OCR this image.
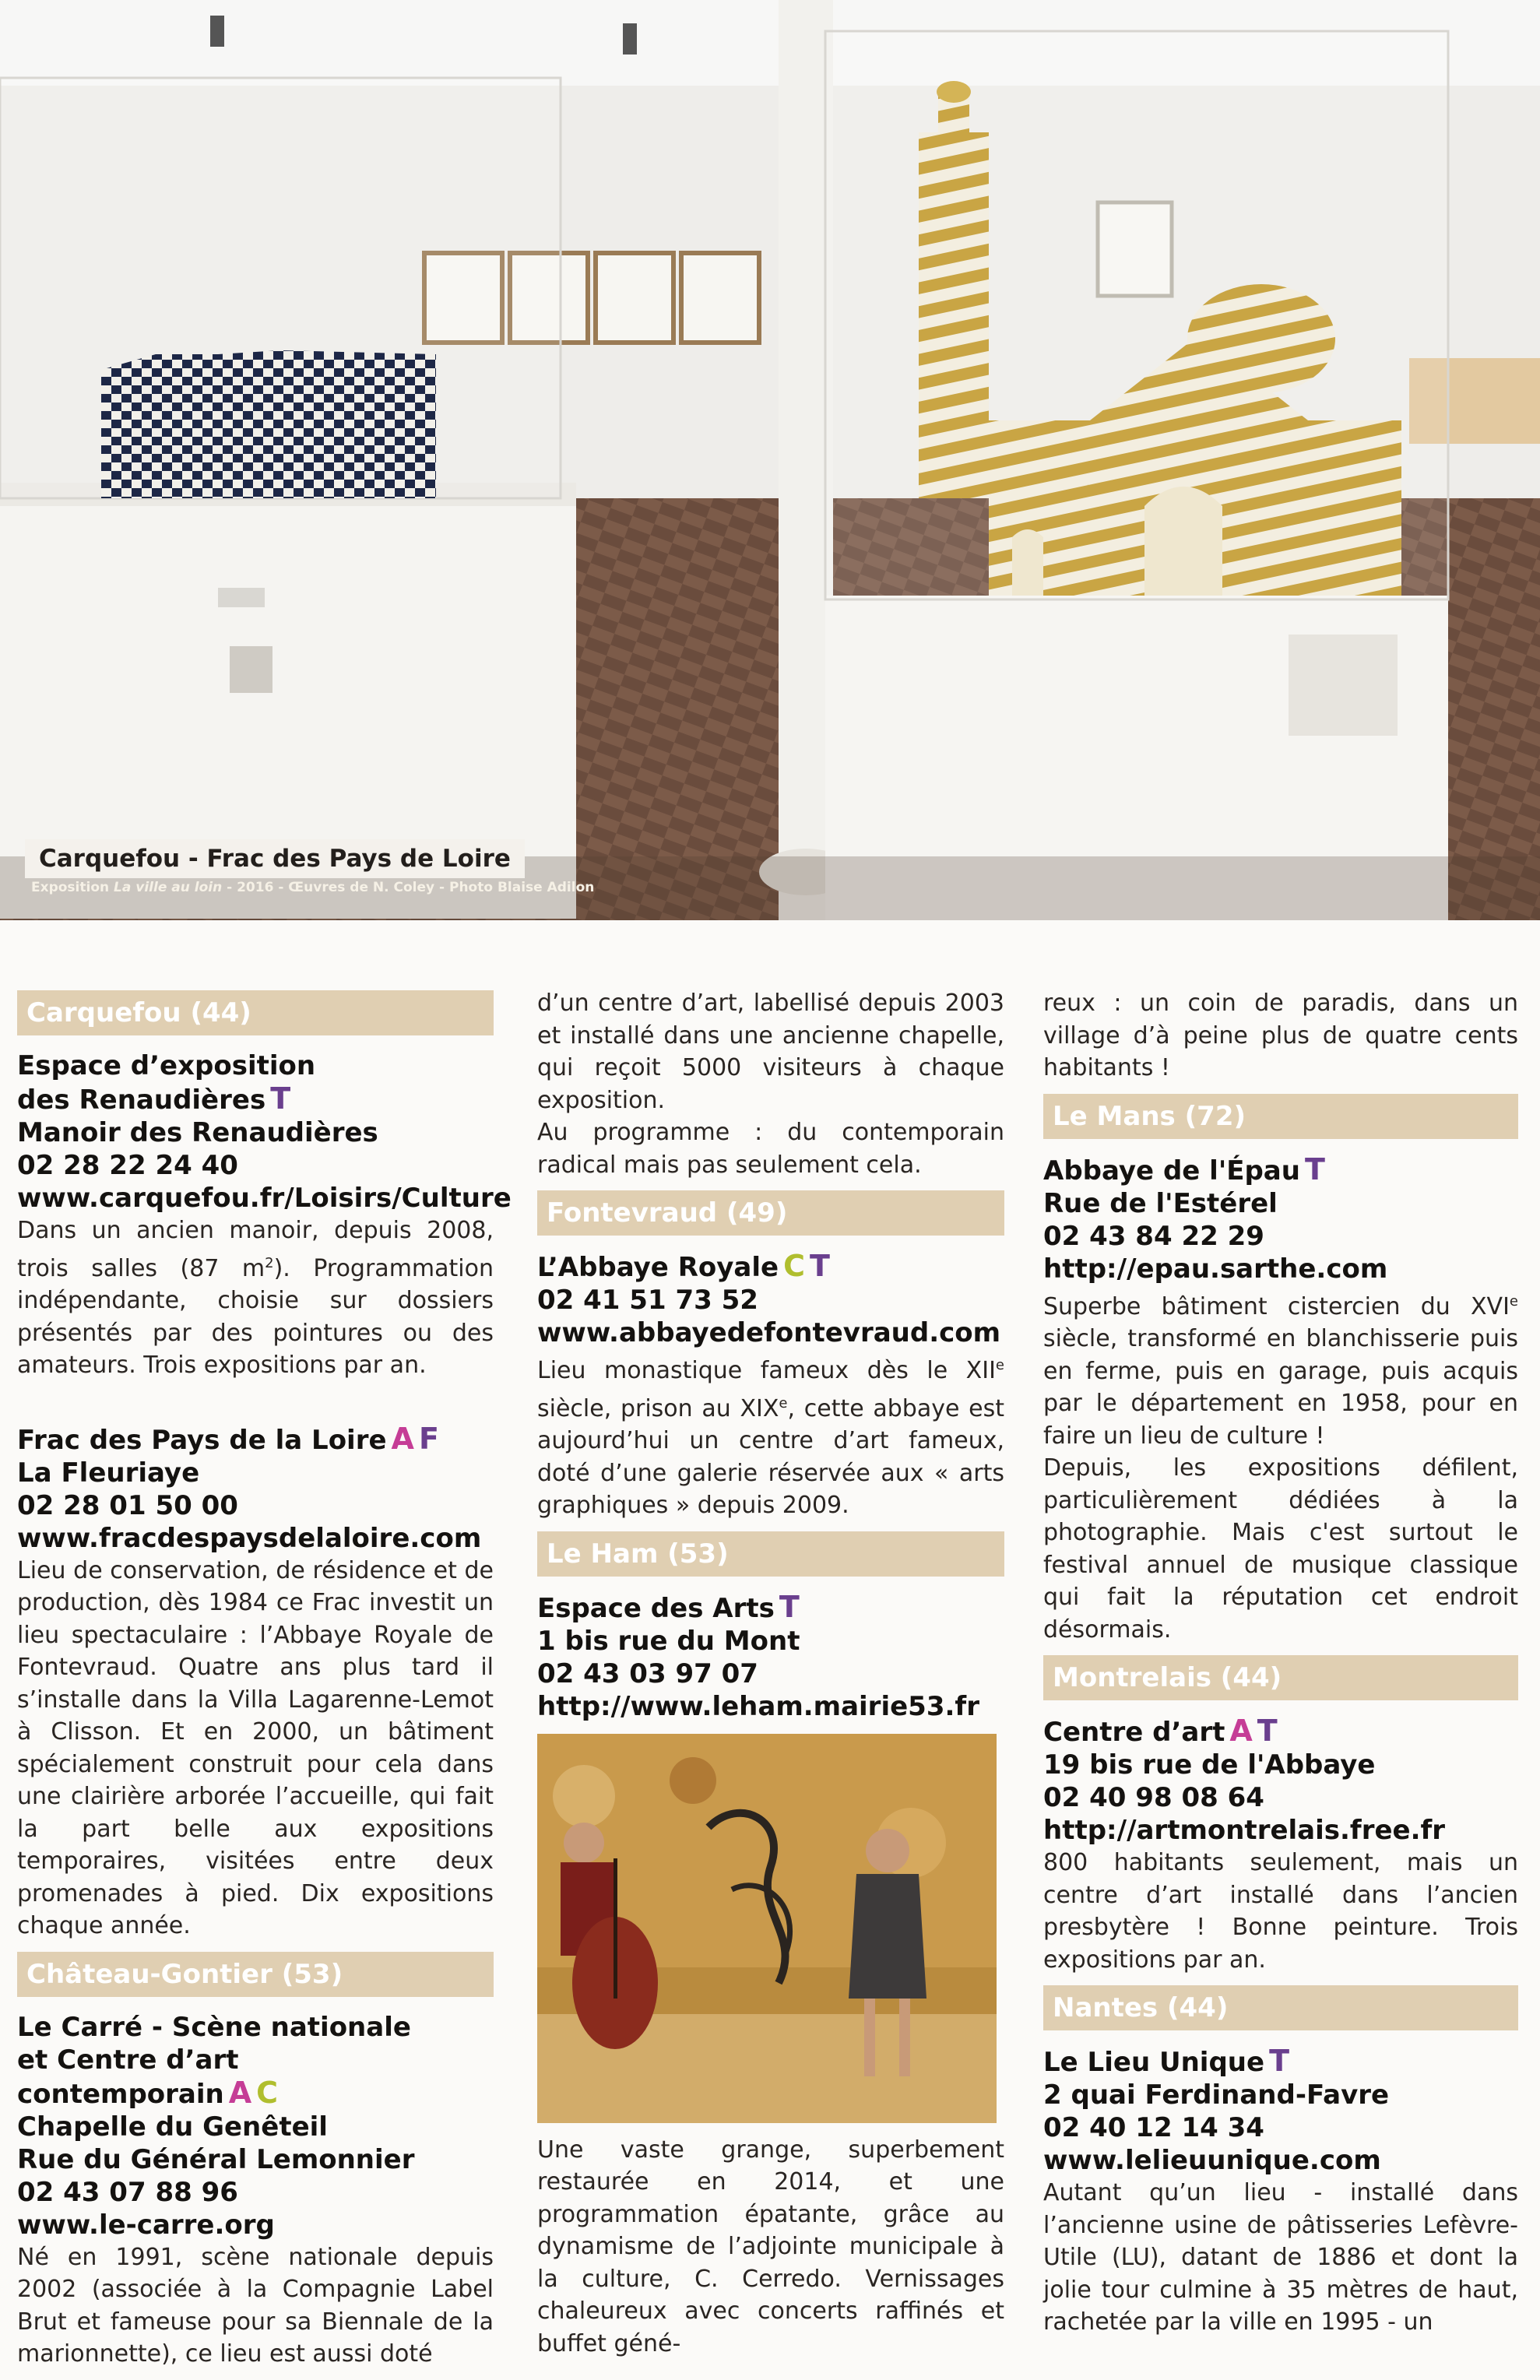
Carquefou - Frac des Pays de Loire
Exposition La ville au loin - 2016 - Œuvres de N. Coley - Photo Blaise Adilon
Carquefou (44)
Espace d’exposition
des Renaudières T
Manoir des Renaudières
02 28 22 24 40
www.carquefou.fr/Loisirs/Culture

Dans un ancien manoir, depuis 2008, trois salles (87 $m^2$). Programmation indépendante, choisie sur dossiers présentés par des pointures ou des amateurs. Trois expositions par an.

Frac des Pays de la Loire A F
La Fleuriaye
02 28 01 50 00
www.fracdespaysdelaloire.com

Lieu de conservation, de résidence et de production, dès 1984 ce Frac investit un lieu spectaculaire : l’Abbaye Royale de Fontevraud. Quatre ans plus tard il s’installe dans la Villa Lagarenne-Lemot à Clisson. Et en 2000, un bâtiment spécialement construit pour cela dans une clairière arborée l’accueille, qui fait la part belle aux expositions temporaires, visitées entre deux promenades à pied. Dix expositions chaque année.

Château-Gontier (53)
Le Carré - Scène nationale
et Centre d’art contemporain A C
Chapelle du Genêteil
Rue du Général Lemonnier
02 43 07 88 96
www.le-carre.org

Né en 1991, scène nationale depuis 2002 (associée à la Compagnie Label Brut et fameuse pour sa Biennale de la marionnette), ce lieu est aussi doté

d’un centre d’art, labellisé depuis 2003 et installé dans une ancienne chapelle, qui reçoit 5000 visiteurs à chaque exposition.

Au programme : du contemporain radical mais pas seulement cela.

Fontevraud (49)
L’Abbaye Royale C T
02 41 51 73 52
www.abbayedefontevraud.com

Lieu monastique fameux dès le XIIe siècle, prison au XIXe, cette abbaye est aujourd’hui un centre d’art fameux, doté d’une galerie réservée aux « arts graphiques » depuis 2009.

Le Ham (53)
Espace des Arts T
1 bis rue du Mont
02 43 03 97 07
http://www.leham.mairie53.fr

Une vaste grange, superbement restaurée en 2014, et une programmation épatante, grâce au dynamisme de l’adjointe municipale à la culture, C. Cerredo. Vernissages chaleureux avec concerts raffinés et buffet géné-

reux : un coin de paradis, dans un village d’à peine plus de quatre cents habitants !

Le Mans (72)
Abbaye de l'Épau T
Rue de l'Estérel
02 43 84 22 29
http://epau.sarthe.com

Superbe bâtiment cistercien du XVIe siècle, transformé en blanchisserie puis en ferme, puis en garage, puis acquis par le département en 1958, pour en faire un lieu de culture !

Depuis, les expositions défilent, particulièrement dédiées à la photographie. Mais c'est surtout le festival annuel de musique classique qui fait la réputation cet endroit désormais.

Montrelais (44)
Centre d’art A T
19 bis rue de l'Abbaye
02 40 98 08 64
http://artmontrelais.free.fr

800 habitants seulement, mais un centre d’art installé dans l’ancien presbytère ! Bonne peinture. Trois expositions par an.

Nantes (44)
Le Lieu Unique T
2 quai Ferdinand-Favre
02 40 12 14 34
www.lelieuunique.com

Autant qu’un lieu - installé dans l’ancienne usine de pâtisseries Lefèvre-Utile (LU), datant de 1886 et dont la jolie tour culmine à 35 mètres de haut, rachetée par la ville en 1995 - un
